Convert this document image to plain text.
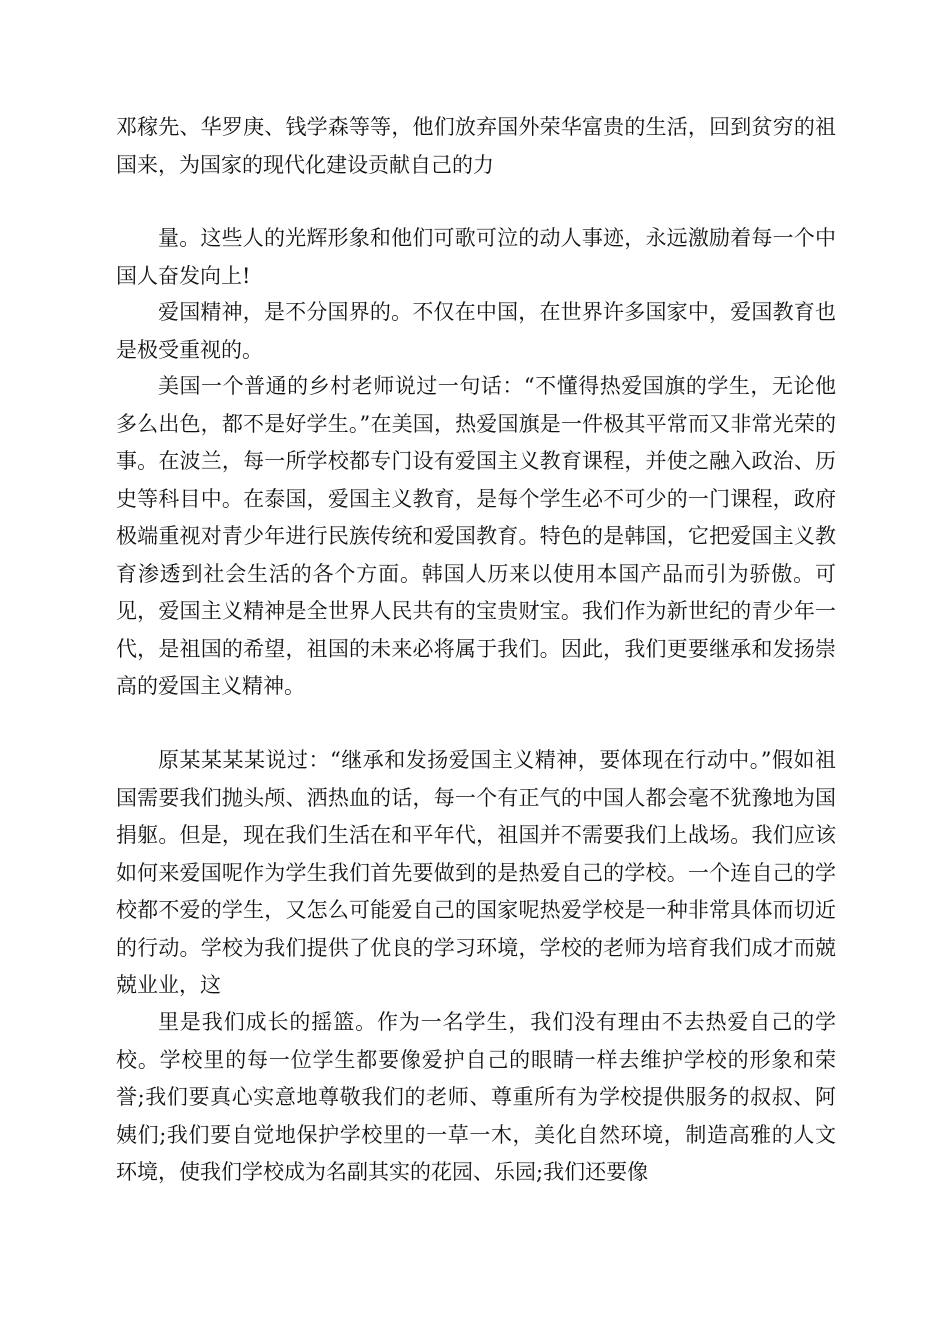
邓稼先、华罗庚、钱学森等等，他们放弃国外荣华富贵的生活，回到贫穷的祖国来，为国家的现代化建设贡献自己的力

量。这些人的光辉形象和他们可歌可泣的动人事迹，永远激励着每一个中国人奋发向上!

爱国精神，是不分国界的。不仅在中国，在世界许多国家中，爱国教育也是极受重视的。

美国一个普通的乡村老师说过一句话：“不懂得热爱国旗的学生，无论他多么出色，都不是好学生。”在美国，热爱国旗是一件极其平常而又非常光荣的事。在波兰，每一所学校都专门设有爱国主义教育课程，并使之融入政治、历史等科目中。在泰国，爱国主义教育，是每个学生必不可少的一门课程，政府极端重视对青少年进行民族传统和爱国教育。特色的是韩国，它把爱国主义教育渗透到社会生活的各个方面。韩国人历来以使用本国产品而引为骄傲。可见，爱国主义精神是全世界人民共有的宝贵财宝。我们作为新世纪的青少年一代，是祖国的希望，祖国的未来必将属于我们。因此，我们更要继承和发扬崇高的爱国主义精神。

原某某某某说过：“继承和发扬爱国主义精神，要体现在行动中。”假如祖国需要我们抛头颅、洒热血的话，每一个有正气的中国人都会毫不犹豫地为国捐躯。但是，现在我们生活在和平年代，祖国并不需要我们上战场。我们应该如何来爱国呢作为学生我们首先要做到的是热爱自己的学校。一个连自己的学校都不爱的学生，又怎么可能爱自己的国家呢热爱学校是一种非常具体而切近的行动。学校为我们提供了优良的学习环境，学校的老师为培育我们成才而兢兢业业，这

里是我们成长的摇篮。作为一名学生，我们没有理由不去热爱自己的学校。学校里的每一位学生都要像爱护自己的眼睛一样去维护学校的形象和荣誉;我们要真心实意地尊敬我们的老师、尊重所有为学校提供服务的叔叔、阿姨们;我们要自觉地保护学校里的一草一木，美化自然环境，制造高雅的人文环境，使我们学校成为名副其实的花园、乐园;我们还要像
